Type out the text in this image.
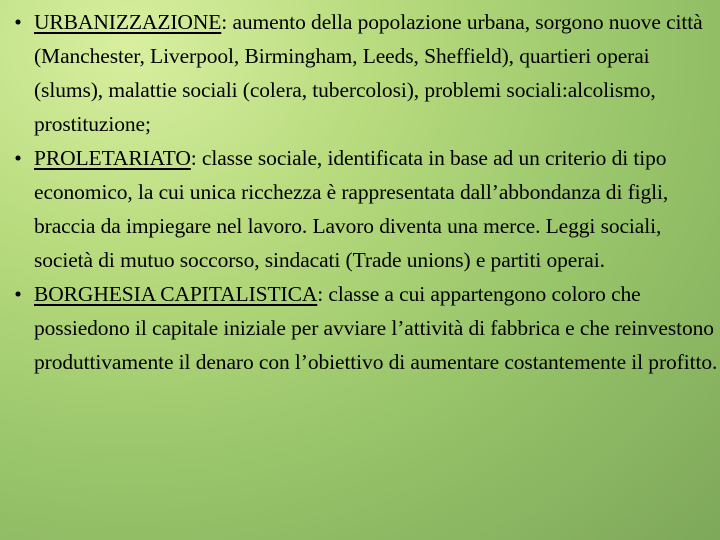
• URBANIZZAZIONE: aumento della popolazione urbana, sorgono nuove città (Manchester, Liverpool, Birmingham, Leeds, Sheffield), quartieri operai (slums), malattie sociali (colera, tubercolosi), problemi sociali:alcolismo, prostituzione;
• PROLETARIATO: classe sociale, identificata in base ad un criterio di tipo economico, la cui unica ricchezza è rappresentata dall’abbondanza di figli, braccia da impiegare nel lavoro. Lavoro diventa una merce. Leggi sociali, società di mutuo soccorso, sindacati (Trade unions) e partiti operai.
• BORGHESIA CAPITALISTICA: classe a cui appartengono coloro che possiedono il capitale iniziale per avviare l’attività di fabbrica e che reinvestono produttivamente il denaro con l’obiettivo di aumentare costantemente il profitto.
